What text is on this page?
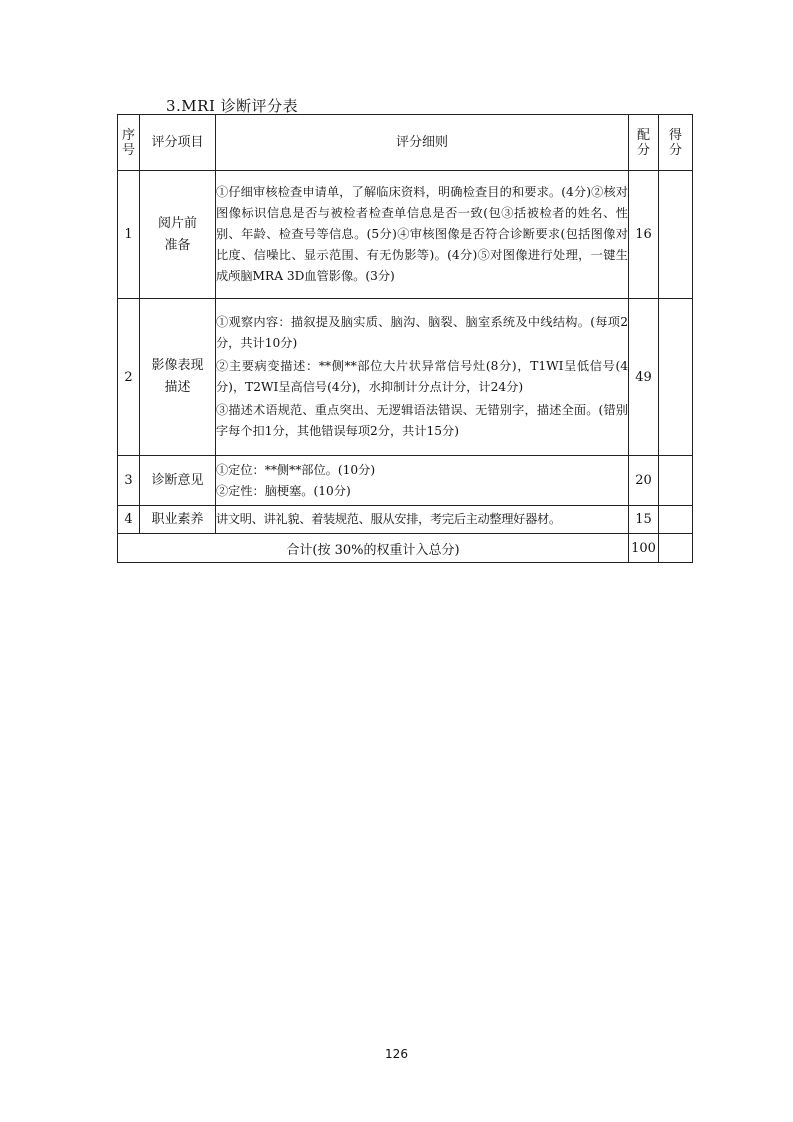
3.MRI 诊断评分表
序号	评分项目	评分细则	配分	得分

1	阅片前准备	①仔细审核检查申请单，了解临床资料，明确检查目的和要求。(4分)②核对图像标识信息是否与被检者检查单信息是否一致(包③括被检者的姓名、性别、年龄、检查号等信息。(5分)④审核图像是否符合诊断要求(包括图像对比度、信噪比、显示范围、有无伪影等)。(4分)⑤对图像进行处理，一键生成颅脑MRA 3D血管影像。(3分)	16	
2	影像表现描述	①观察内容：描叙提及脑实质、脑沟、脑裂、脑室系统及中线结构。(每项2分，共计10分)
②主要病变描述：**侧**部位大片状异常信号灶(8分)，T1WI呈低信号(4分)，T2WI呈高信号(4分)，水抑制计分点计分，计24分)
③描述术语规范、重点突出、无逻辑语法错误、无错别字，描述全面。(错别字每个扣1分，其他错误每项2分，共计15分)	49	
3	诊断意见	①定位：**侧**部位。(10分)
②定性：脑梗塞。(10分)	20	
4	职业素养	讲文明、讲礼貌、着装规范、服从安排，考完后主动整理好器材。	15	
合计(按 30%的权重计入总分)			100	
126
